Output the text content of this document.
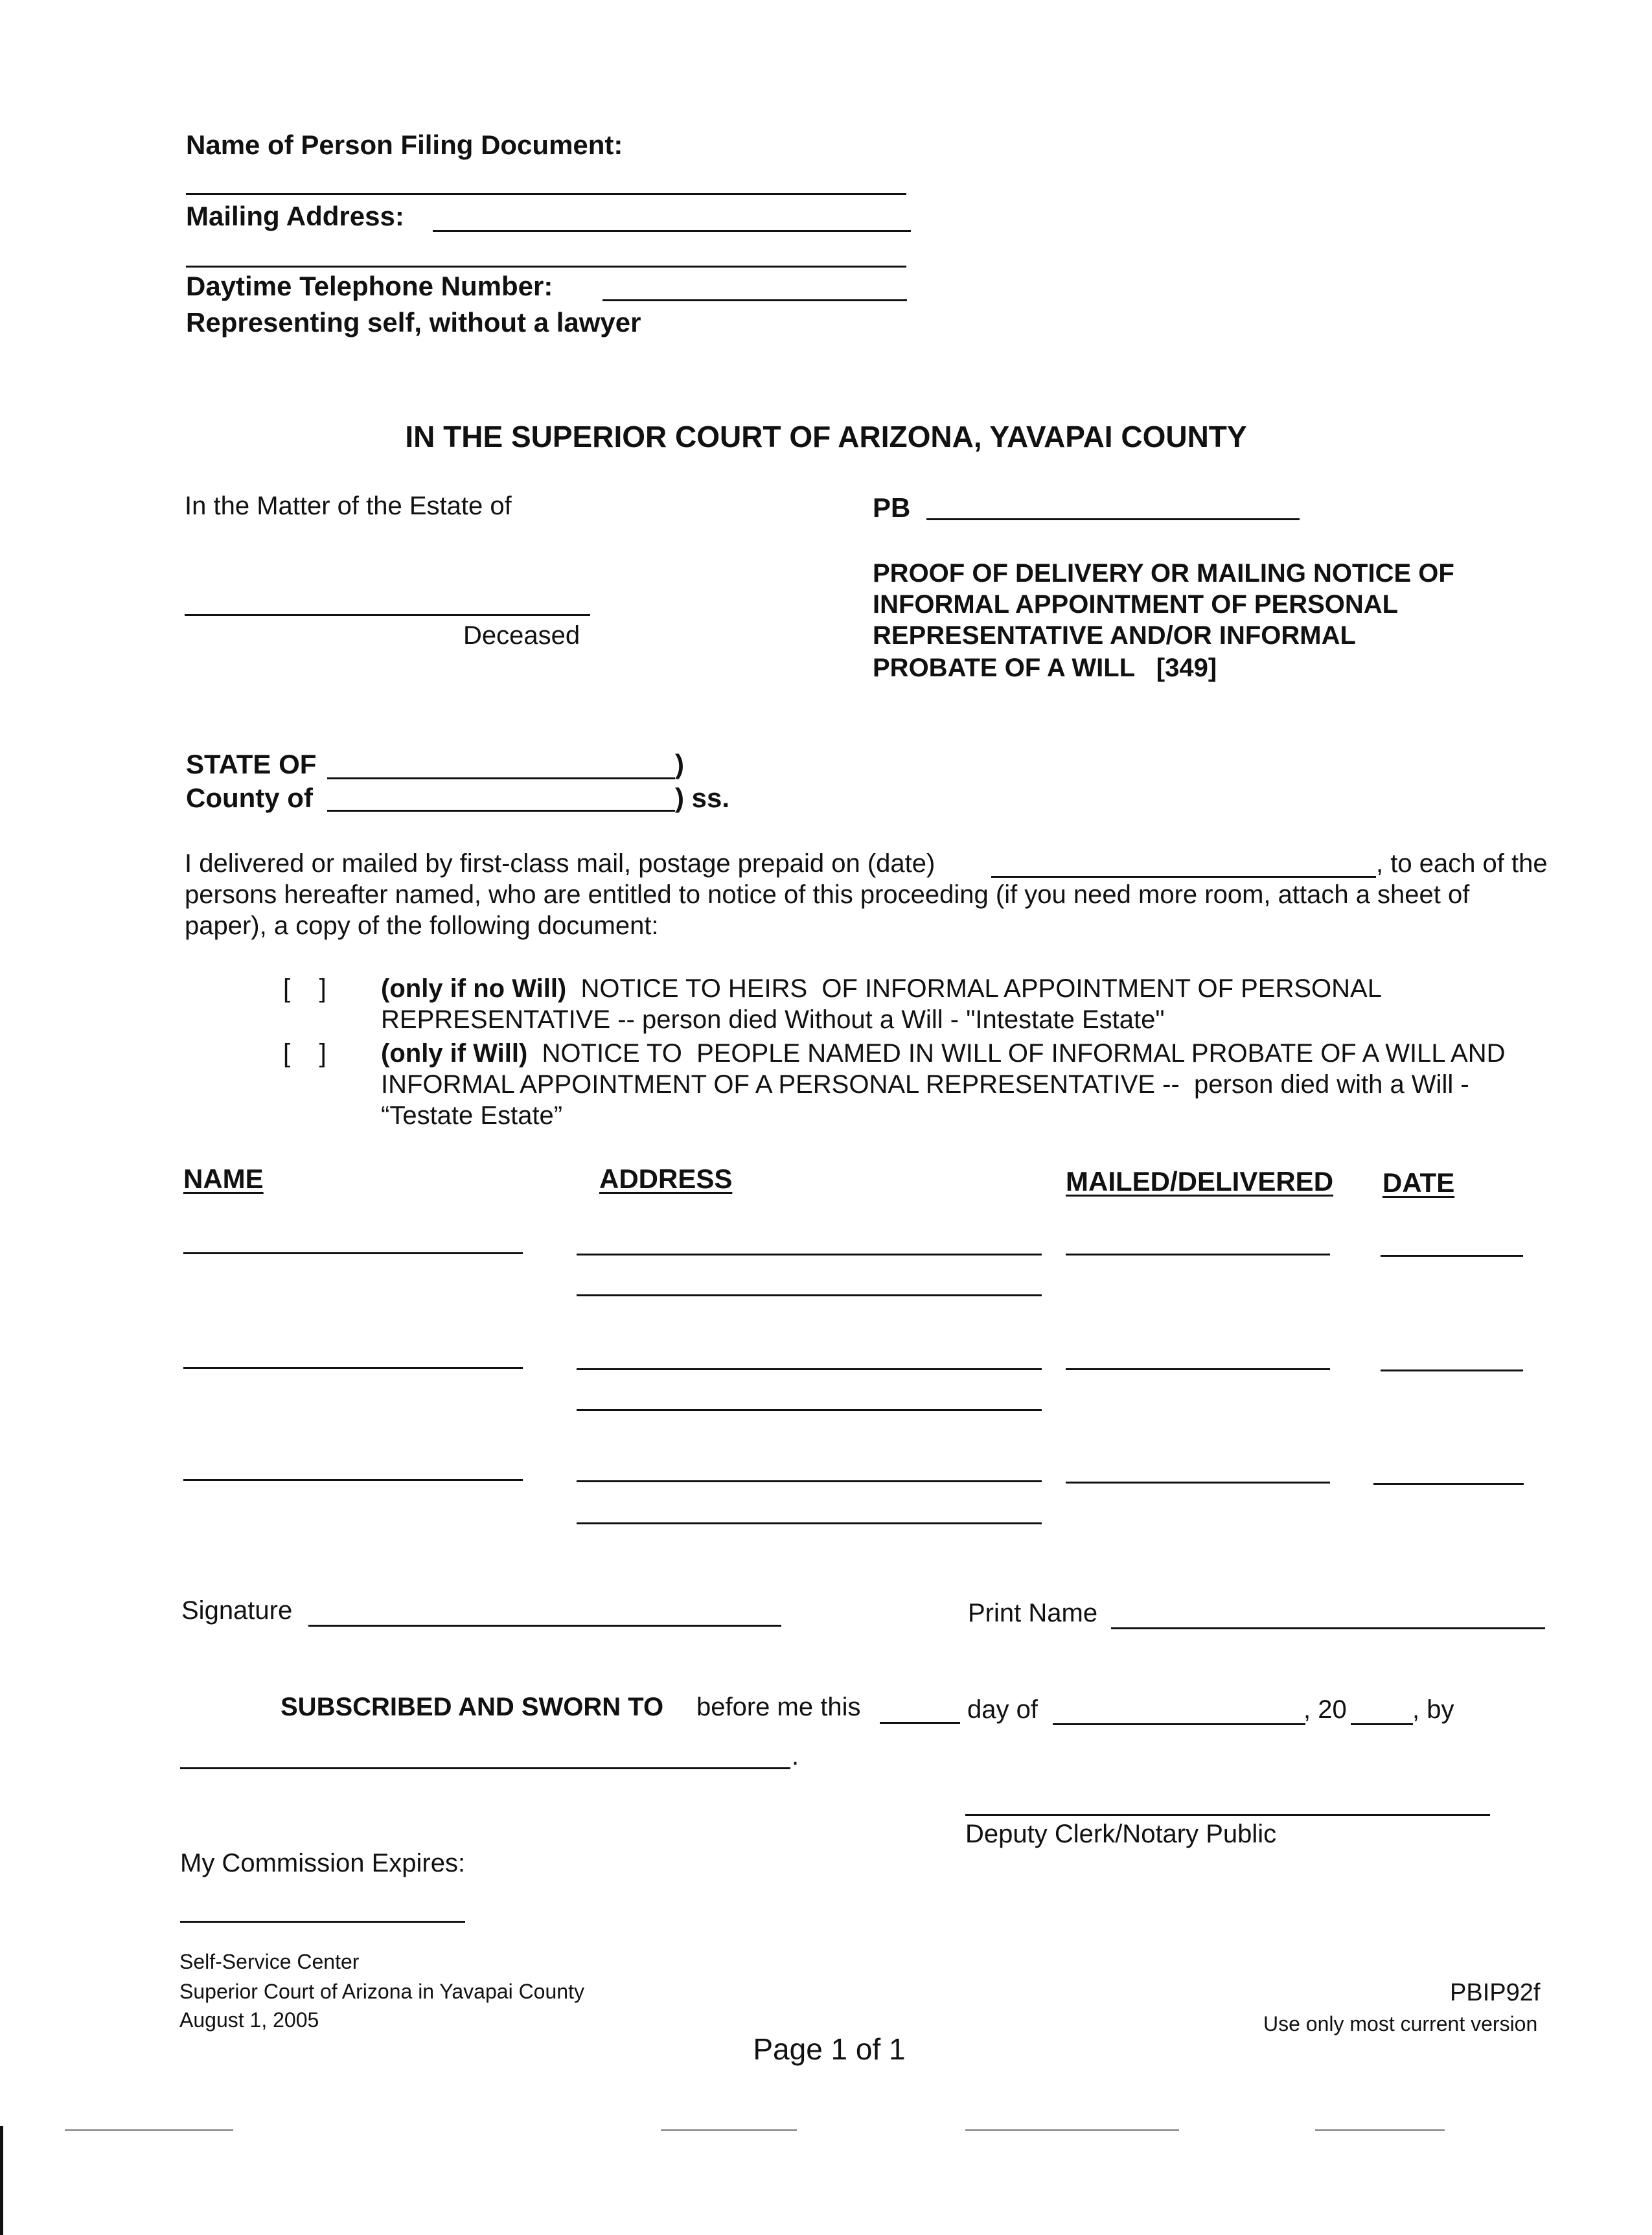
Name of Person Filing Document:
Mailing Address:
Daytime Telephone Number:
Representing self, without a lawyer
IN THE SUPERIOR COURT OF ARIZONA, YAVAPAI COUNTY
In the Matter of the Estate of
Deceased
PB
PROOF OF DELIVERY OR MAILING NOTICE OF
INFORMAL APPOINTMENT OF PERSONAL
REPRESENTATIVE AND/OR INFORMAL
PROBATE OF A WILL   [349]
STATE OF	)
County of	) ss.
I delivered or mailed by first-class mail, postage prepaid on (date)	, to each of the
persons hereafter named, who are entitled to notice of this proceeding (if you need more room, attach a sheet of
paper), a copy of the following document:
[    ] (only if no Will) NOTICE TO HEIRS  OF INFORMAL APPOINTMENT OF PERSONAL
REPRESENTATIVE -- person died Without a Will - "Intestate Estate"
[    ] (only if Will) NOTICE TO  PEOPLE NAMED IN WILL OF INFORMAL PROBATE OF A WILL AND
INFORMAL APPOINTMENT OF A PERSONAL REPRESENTATIVE --  person died with a Will -
“Testate Estate”
NAME	ADDRESS	MAILED/DELIVERED DATE
Signature	Print Name
SUBSCRIBED AND SWORN TO before me this	day of	, 20	, by
.
Deputy Clerk/Notary Public
My Commission Expires:
Self-Service Center
Superior Court of Arizona in Yavapai County
August 1, 2005
PBIP92f
Use only most current version
Page 1 of 1
